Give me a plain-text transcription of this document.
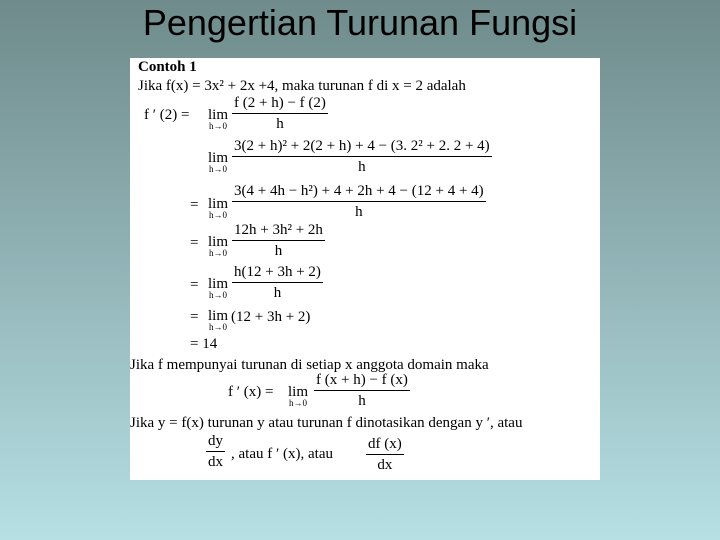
Pengertian Turunan Fungsi
Contoh 1
Jika f(x) = 3x² + 2x +4, maka turunan f di x = 2 adalah
f ′ (2) = lim
h→0
f (2 + h) − f (2)
h
lim
h→0
3(2 + h)² + 2(2 + h) + 4 − (3. 2² + 2. 2 + 4)
h
= lim
h→0
3(4 + 4h − h²) + 4 + 2h + 4 − (12 + 4 + 4)
h
= lim
h→0
12h + 3h² + 2h
h
= lim
h→0
h(12 + 3h + 2)
h
= lim
h→0
(12 + 3h + 2)
= 14
Jika f mempunyai turunan di setiap x anggota domain maka
f ′ (x) = lim
h→0
f (x + h) − f (x)
h
Jika y = f(x) turunan y atau turunan f dinotasikan dengan y ′, atau
dy
dx , atau f ′ (x), atau
df (x)
dx
